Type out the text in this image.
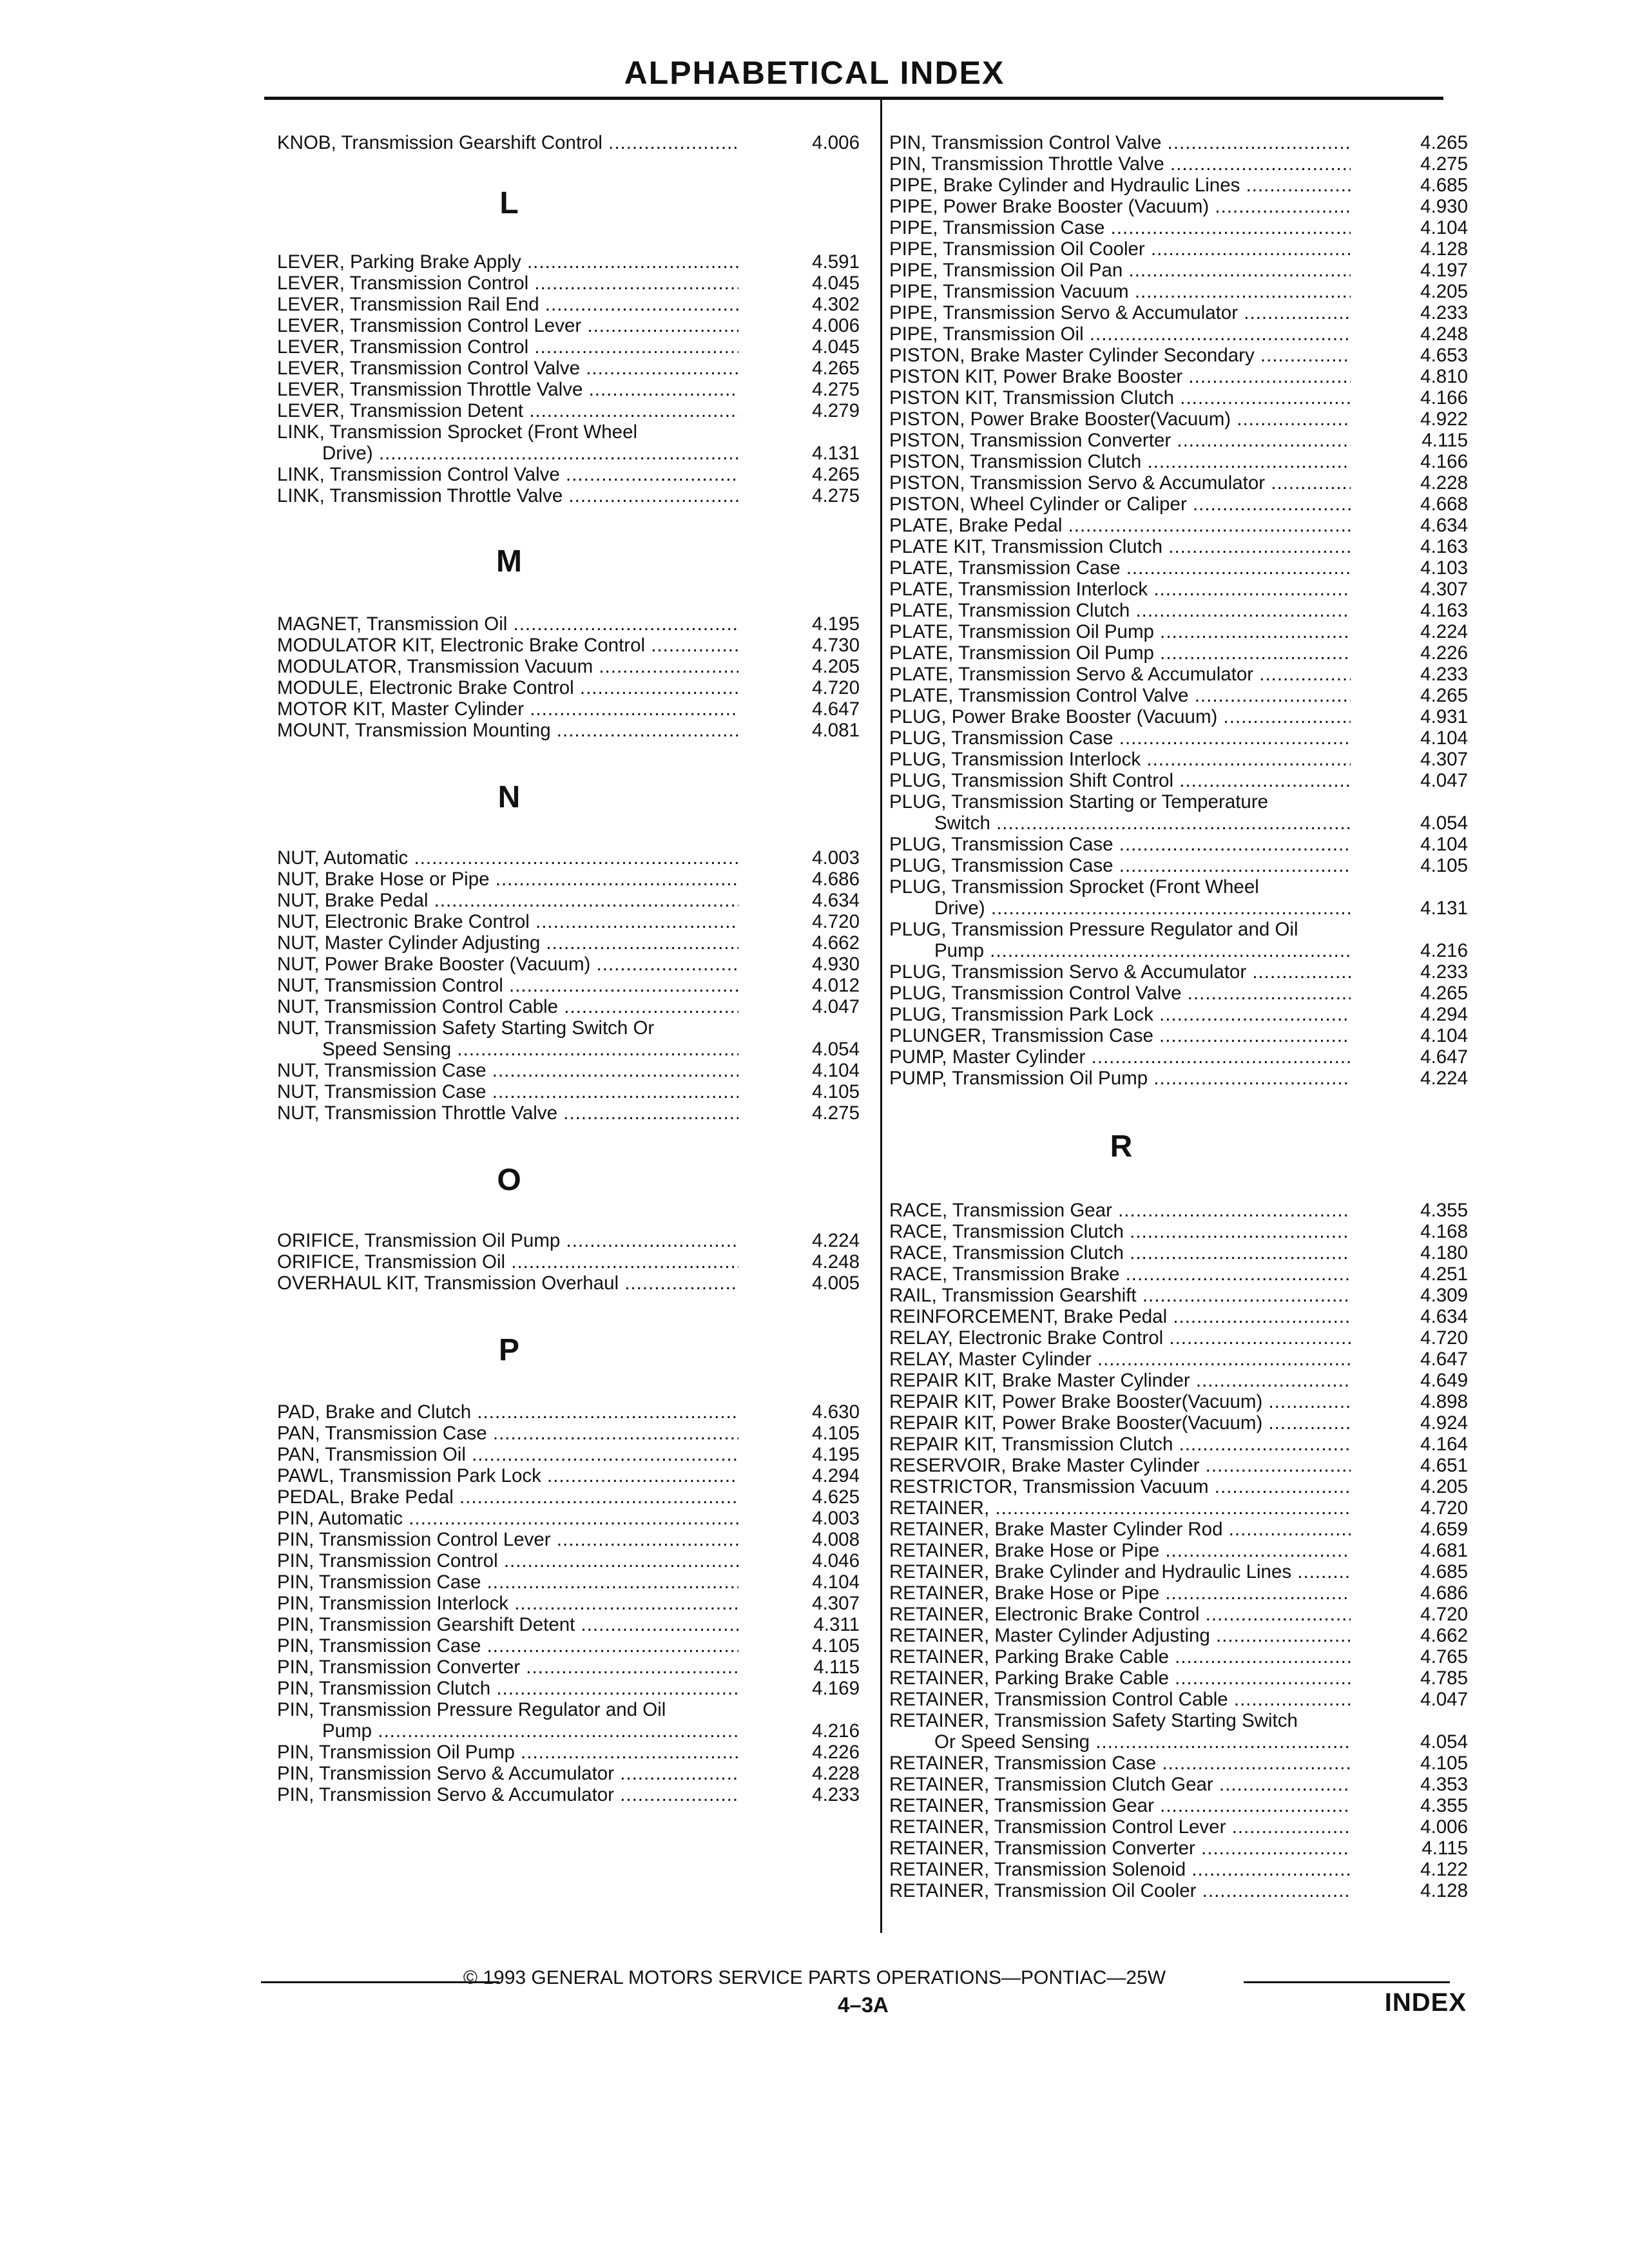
ALPHABETICAL INDEX
KNOB, Transmission Gearshift Control .....	4.006
L
LEVER, Parking Brake Apply .....	4.591
LEVER, Transmission Control .....	4.045
LEVER, Transmission Rail End .....	4.302
LEVER, Transmission Control Lever .....	4.006
LEVER, Transmission Control .....	4.045
LEVER, Transmission Control Valve .....	4.265
LEVER, Transmission Throttle Valve .....	4.275
LEVER, Transmission Detent .....	4.279
LINK, Transmission Sprocket (Front Wheel
Drive) .....	4.131
LINK, Transmission Control Valve .....	4.265
LINK, Transmission Throttle Valve .....	4.275
M
MAGNET, Transmission Oil .....	4.195
MODULATOR KIT, Electronic Brake Control .....	4.730
MODULATOR, Transmission Vacuum .....	4.205
MODULE, Electronic Brake Control .....	4.720
MOTOR KIT, Master Cylinder .....	4.647
MOUNT, Transmission Mounting .....	4.081
N
NUT, Automatic .....	4.003
NUT, Brake Hose or Pipe .....	4.686
NUT, Brake Pedal .....	4.634
NUT, Electronic Brake Control .....	4.720
NUT, Master Cylinder Adjusting .....	4.662
NUT, Power Brake Booster (Vacuum) .....	4.930
NUT, Transmission Control .....	4.012
NUT, Transmission Control Cable .....	4.047
NUT, Transmission Safety Starting Switch Or
Speed Sensing .....	4.054
NUT, Transmission Case .....	4.104
NUT, Transmission Case .....	4.105
NUT, Transmission Throttle Valve .....	4.275
O
ORIFICE, Transmission Oil Pump .....	4.224
ORIFICE, Transmission Oil .....	4.248
OVERHAUL KIT, Transmission Overhaul .....	4.005
P
PAD, Brake and Clutch .....	4.630
PAN, Transmission Case .....	4.105
PAN, Transmission Oil .....	4.195
PAWL, Transmission Park Lock .....	4.294
PEDAL, Brake Pedal .....	4.625
PIN, Automatic .....	4.003
PIN, Transmission Control Lever .....	4.008
PIN, Transmission Control .....	4.046
PIN, Transmission Case .....	4.104
PIN, Transmission Interlock .....	4.307
PIN, Transmission Gearshift Detent .....	4.311
PIN, Transmission Case .....	4.105
PIN, Transmission Converter .....	4.115
PIN, Transmission Clutch .....	4.169
PIN, Transmission Pressure Regulator and Oil
Pump .....	4.216
PIN, Transmission Oil Pump .....	4.226
PIN, Transmission Servo & Accumulator .....	4.228
PIN, Transmission Servo & Accumulator .....	4.233
PIN, Transmission Control Valve .....	4.265
PIN, Transmission Throttle Valve .....	4.275
PIPE, Brake Cylinder and Hydraulic Lines .....	4.685
PIPE, Power Brake Booster (Vacuum) .....	4.930
PIPE, Transmission Case .....	4.104
PIPE, Transmission Oil Cooler .....	4.128
PIPE, Transmission Oil Pan .....	4.197
PIPE, Transmission Vacuum .....	4.205
PIPE, Transmission Servo & Accumulator .....	4.233
PIPE, Transmission Oil .....	4.248
PISTON, Brake Master Cylinder Secondary .....	4.653
PISTON KIT, Power Brake Booster .....	4.810
PISTON KIT, Transmission Clutch .....	4.166
PISTON, Power Brake Booster(Vacuum) .....	4.922
PISTON, Transmission Converter .....	4.115
PISTON, Transmission Clutch .....	4.166
PISTON, Transmission Servo & Accumulator .....	4.228
PISTON, Wheel Cylinder or Caliper .....	4.668
PLATE, Brake Pedal .....	4.634
PLATE KIT, Transmission Clutch .....	4.163
PLATE, Transmission Case .....	4.103
PLATE, Transmission Interlock .....	4.307
PLATE, Transmission Clutch .....	4.163
PLATE, Transmission Oil Pump .....	4.224
PLATE, Transmission Oil Pump .....	4.226
PLATE, Transmission Servo & Accumulator .....	4.233
PLATE, Transmission Control Valve .....	4.265
PLUG, Power Brake Booster (Vacuum) .....	4.931
PLUG, Transmission Case .....	4.104
PLUG, Transmission Interlock .....	4.307
PLUG, Transmission Shift Control .....	4.047
PLUG, Transmission Starting or Temperature
Switch .....	4.054
PLUG, Transmission Case .....	4.104
PLUG, Transmission Case .....	4.105
PLUG, Transmission Sprocket (Front Wheel
Drive) .....	4.131
PLUG, Transmission Pressure Regulator and Oil
Pump .....	4.216
PLUG, Transmission Servo & Accumulator .....	4.233
PLUG, Transmission Control Valve .....	4.265
PLUG, Transmission Park Lock .....	4.294
PLUNGER, Transmission Case .....	4.104
PUMP, Master Cylinder .....	4.647
PUMP, Transmission Oil Pump .....	4.224
R
RACE, Transmission Gear .....	4.355
RACE, Transmission Clutch .....	4.168
RACE, Transmission Clutch .....	4.180
RACE, Transmission Brake .....	4.251
RAIL, Transmission Gearshift .....	4.309
REINFORCEMENT, Brake Pedal .....	4.634
RELAY, Electronic Brake Control .....	4.720
RELAY, Master Cylinder .....	4.647
REPAIR KIT, Brake Master Cylinder .....	4.649
REPAIR KIT, Power Brake Booster(Vacuum) .....	4.898
REPAIR KIT, Power Brake Booster(Vacuum) .....	4.924
REPAIR KIT, Transmission Clutch .....	4.164
RESERVOIR, Brake Master Cylinder .....	4.651
RESTRICTOR, Transmission Vacuum .....	4.205
RETAINER, .....	4.720
RETAINER, Brake Master Cylinder Rod .....	4.659
RETAINER, Brake Hose or Pipe .....	4.681
RETAINER, Brake Cylinder and Hydraulic Lines .....	4.685
RETAINER, Brake Hose or Pipe .....	4.686
RETAINER, Electronic Brake Control .....	4.720
RETAINER, Master Cylinder Adjusting .....	4.662
RETAINER, Parking Brake Cable .....	4.765
RETAINER, Parking Brake Cable .....	4.785
RETAINER, Transmission Control Cable .....	4.047
RETAINER, Transmission Safety Starting Switch
Or Speed Sensing .....	4.054
RETAINER, Transmission Case .....	4.105
RETAINER, Transmission Clutch Gear .....	4.353
RETAINER, Transmission Gear .....	4.355
RETAINER, Transmission Control Lever .....	4.006
RETAINER, Transmission Converter .....	4.115
RETAINER, Transmission Solenoid .....	4.122
RETAINER, Transmission Oil Cooler .....	4.128
© 1993 GENERAL MOTORS SERVICE PARTS OPERATIONS—PONTIAC—25W
4–3A	INDEX
